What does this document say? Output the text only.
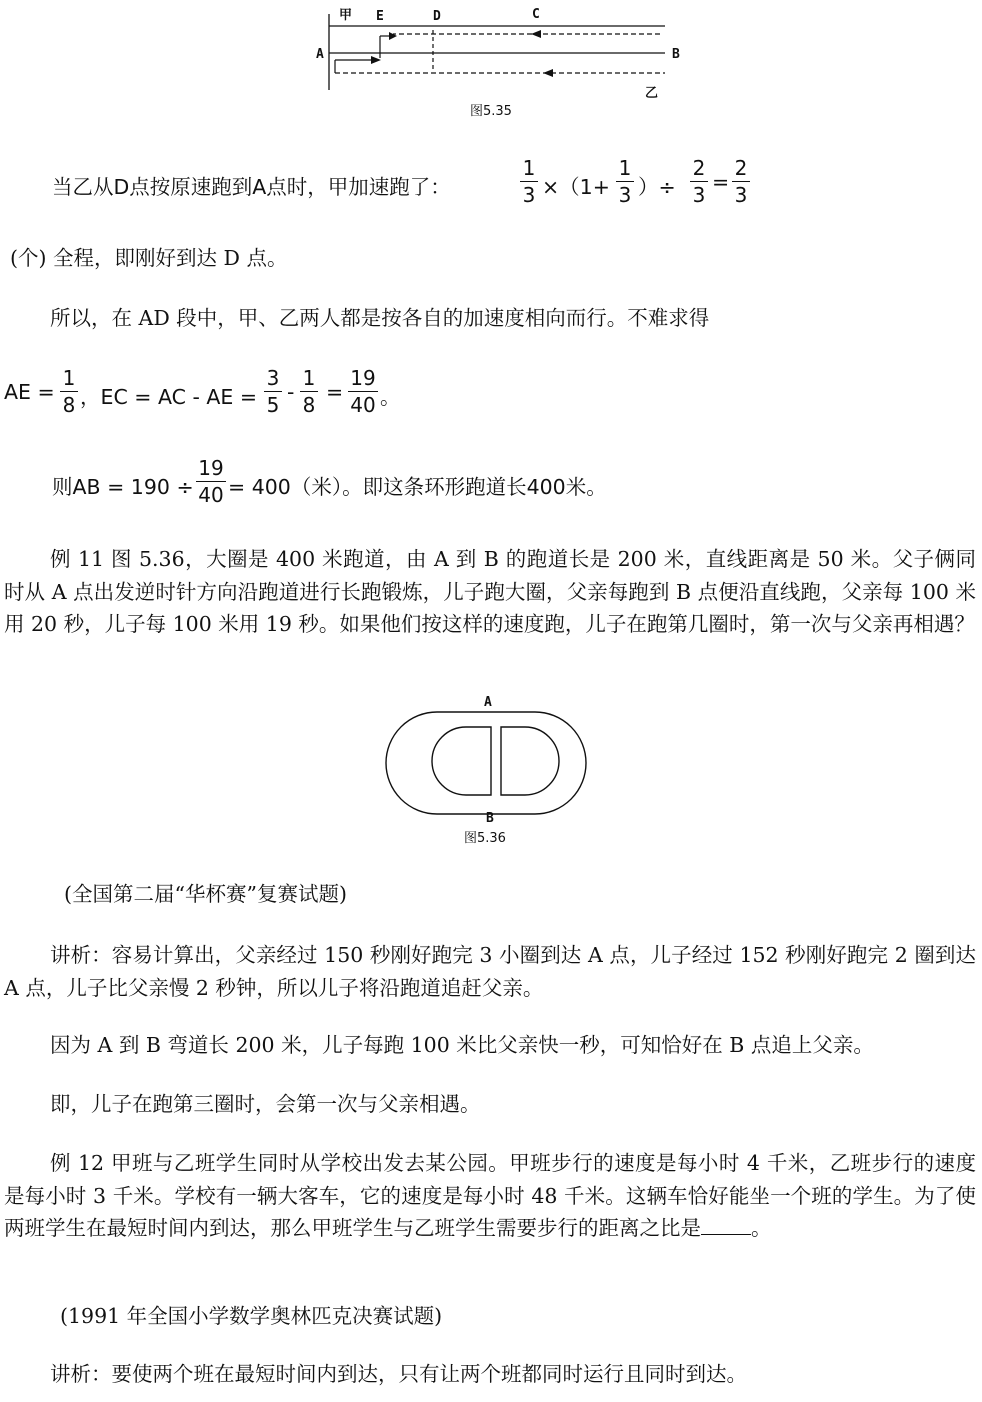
甲 E	D	C
A	B
乙
图5.35
当乙从D点按原速跑到A点时，甲加速跑了：
1
3 ×（1+
1
3 ）÷
2
3
=
2
3
(个) 全程，即刚好到达 D 点。
所以，在 AD 段中，甲、乙两人都是按各自的加速度相向而行。不难求得
AE =
1
8 ，EC = AC - AE =
3
5
-
1
8
=
19
40 。
则AB = 190 ÷
19
40 = 400（米）。即这条环形跑道长400米。
例 11 图 5.36，大圈是 400 米跑道，由 A 到 B 的跑道长是 200 米，直线距离是 50 米。父子俩同时从 A 点出发逆时针方向沿跑道进行长跑锻炼，儿子跑大圈，父亲每跑到 B 点便沿直线跑，父亲每 100 米用 20 秒，儿子每 100 米用 19 秒。如果他们按这样的速度跑，儿子在跑第几圈时，第一次与父亲再相遇？
A
B
图5.36
(全国第二届“华杯赛”复赛试题)
讲析：容易计算出，父亲经过 150 秒刚好跑完 3 小圈到达 A 点，儿子经过 152 秒刚好跑完 2 圈到达 A 点，儿子比父亲慢 2 秒钟，所以儿子将沿跑道追赶父亲。
因为 A 到 B 弯道长 200 米，儿子每跑 100 米比父亲快一秒，可知恰好在 B 点追上父亲。
即，儿子在跑第三圈时，会第一次与父亲相遇。
例 12 甲班与乙班学生同时从学校出发去某公园。甲班步行的速度是每小时 4 千米，乙班步行的速度是每小时 3 千米。学校有一辆大客车，它的速度是每小时 48 千米。这辆车恰好能坐一个班的学生。为了使两班学生在最短时间内到达，那么甲班学生与乙班学生需要步行的距离之比是 。
(1991 年全国小学数学奥林匹克决赛试题)
讲析：要使两个班在最短时间内到达，只有让两个班都同时运行且同时到达。
